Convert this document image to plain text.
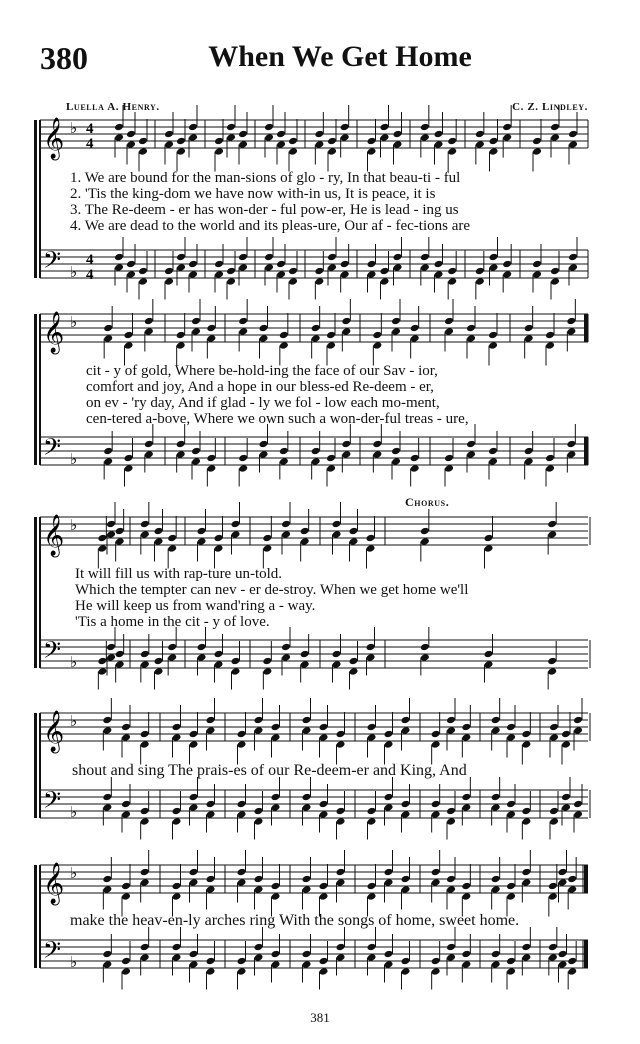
380	When We Get Home
Luella A. Henry.	C. Z. Lindley.
Chorus.
4
4
4
4
𝄞
𝄢
♭
♭
𝄞
𝄢
♭
♭
𝄞
𝄢
♭
♭
𝄞
𝄢
♭
♭
𝄞
𝄢
♭
♭
1. We are bound for the man-sions of glo - ry, In that beau-ti - ful
2. 'Tis the king-dom we have now with-in us, It is peace, it is
3. The Re-deem - er has won-der - ful pow-er, He is lead - ing us
4. We are dead to the world and its pleas-ure, Our af - fec-tions are
cit - y of gold, Where be-hold-ing the face of our Sav - ior,
comfort and joy, And a hope in our bless-ed Re-deem - er,
on ev - 'ry day, And if glad - ly we fol - low each mo-ment,
cen-tered a-bove, Where we own such a won-der-ful treas - ure,
It will fill us with rap-ture un-told.
Which the tempter can nev - er de-stroy. When we get home we'll
He will keep us from wand'ring a - way.
'Tis a home in the cit - y of love.
shout and sing The prais-es of our Re-deem-er and King, And
make the heav-en-ly arches ring With the songs of home, sweet home.
381
